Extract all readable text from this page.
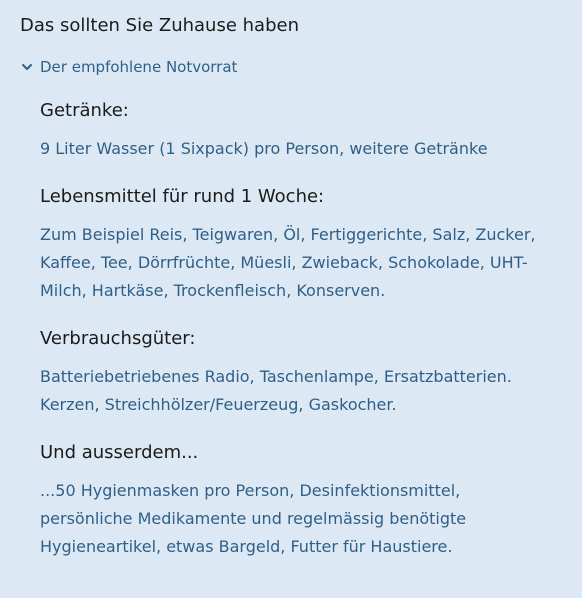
Das sollten Sie Zuhause haben
Der empfohlene Notvorrat
Getränke:

9 Liter Wasser (1 Sixpack) pro Person, weitere Getränke

Lebensmittel für rund 1 Woche:

Zum Beispiel Reis, Teigwaren, Öl, Fertiggerichte, Salz, Zucker,
Kaffee, Tee, Dörrfrüchte, Müesli, Zwieback, Schokolade, UHT-
Milch, Hartkäse, Trockenfleisch, Konserven.

Verbrauchsgüter:

Batteriebetriebenes Radio, Taschenlampe, Ersatzbatterien.
Kerzen, Streichhölzer/Feuerzeug, Gaskocher.

Und ausserdem...

...50 Hygienmasken pro Person, Desinfektionsmittel,
persönliche Medikamente und regelmässig benötigte
Hygieneartikel, etwas Bargeld, Futter für Haustiere.
